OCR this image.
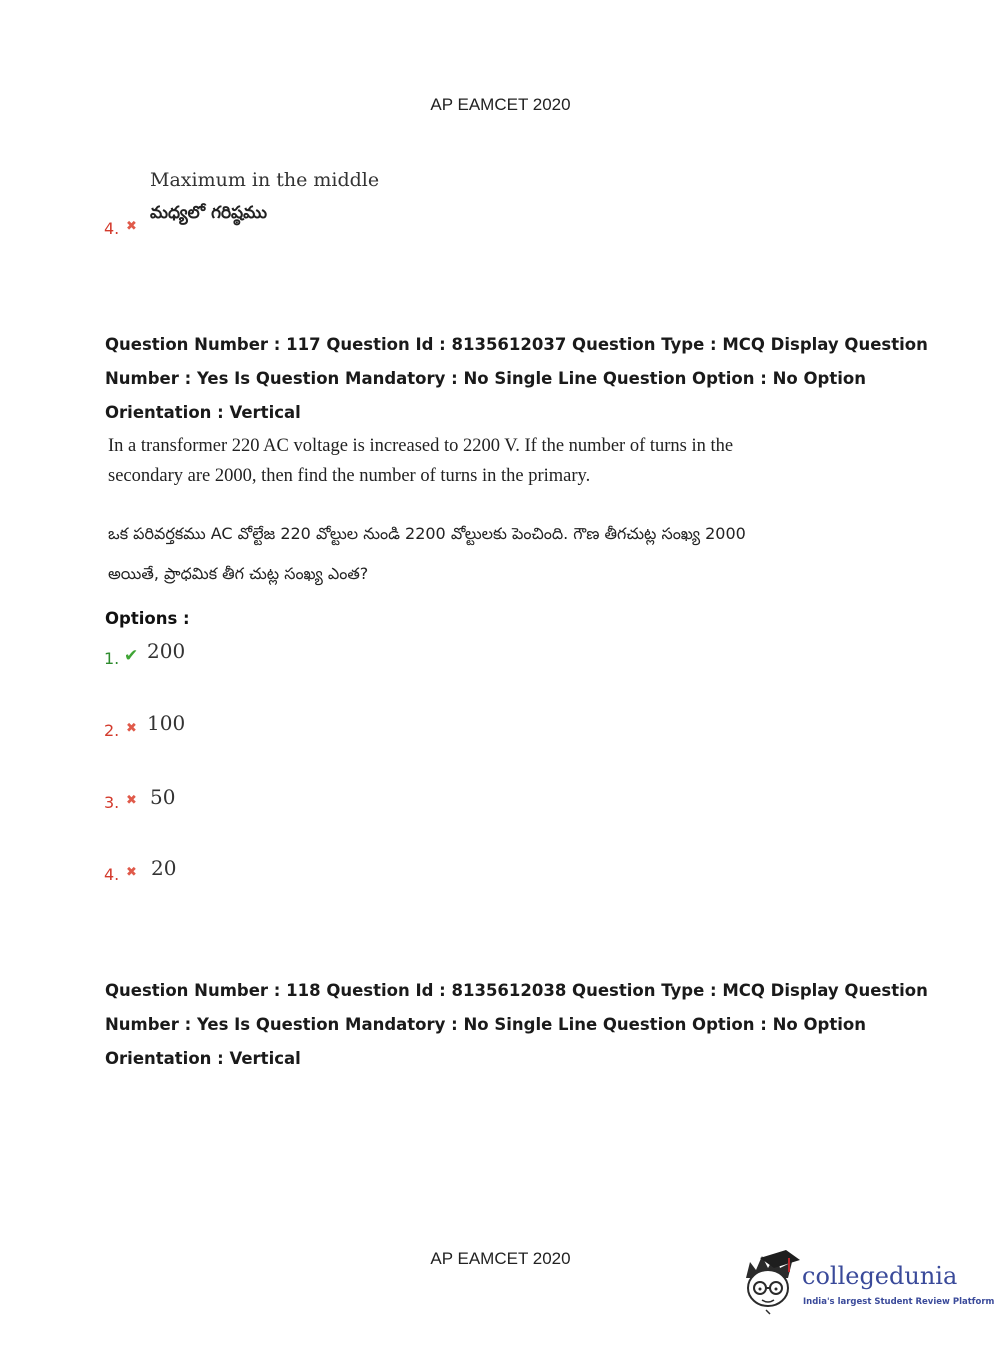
AP EAMCET 2020
Maximum in the middle
మధ్యలో గరిష్ఠము
4. ✖
Question Number : 117 Question Id : 8135612037 Question Type : MCQ Display Question
Number : Yes Is Question Mandatory : No Single Line Question Option : No Option
Orientation : Vertical
In a transformer 220 AC voltage is increased to 2200 V. If the number of turns in the
secondary are 2000, then find the number of turns in the primary.
ఒక పరివర్తకము AC వోల్టేజ 220 వోల్టుల నుండి 2200 వోల్టులకు పెంచింది. గౌణ తీగచుట్ల సంఖ్య 2000
అయితే, ప్రాధమిక తీగ చుట్ల సంఖ్య ఎంత?
Options :
1. ✔ 200
2. ✖ 100
3. ✖ 50
4. ✖ 20
Question Number : 118 Question Id : 8135612038 Question Type : MCQ Display Question
Number : Yes Is Question Mandatory : No Single Line Question Option : No Option
Orientation : Vertical
AP EAMCET 2020
collegedunia
India's largest Student Review Platform
